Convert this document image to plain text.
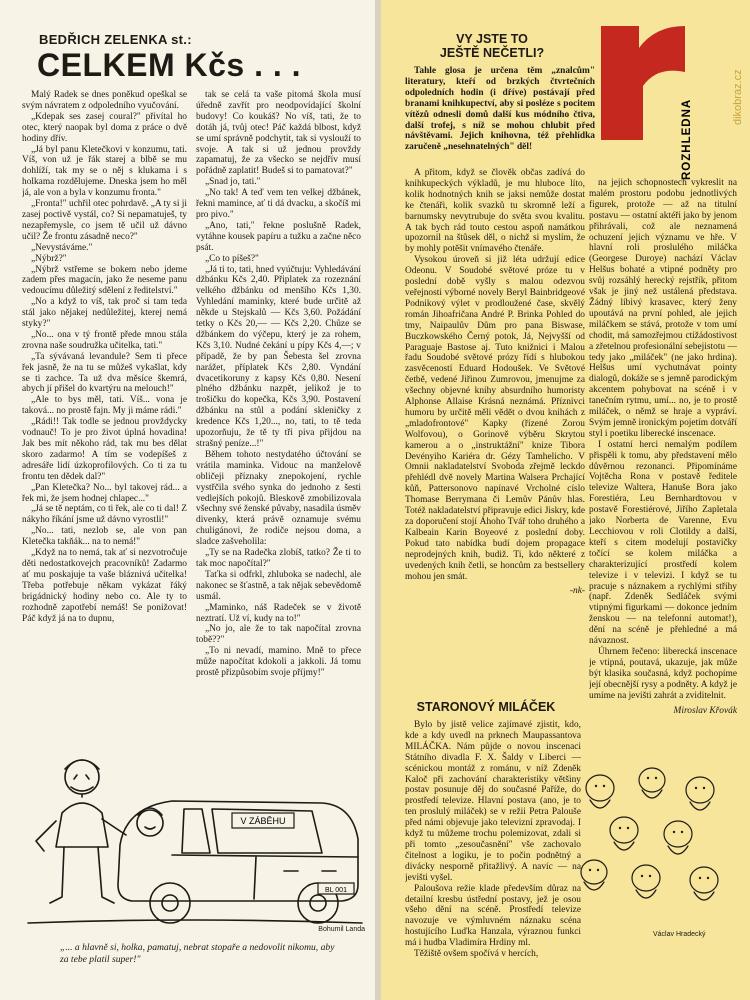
BEDŘICH ZELENKA st.:
CELKEM Kčs . . .

Malý Radek se dnes poněkud opeškal se svým návratem z odpoledního vyučování.

„Kdepak ses zasej coural?" přivítal ho otec, který naopak byl doma z práce o dvě hodiny dřív.

„Já byl panu Kletečkovi v konzumu, tati. Víš, von už je řák starej a blbě se mu dohlíží, tak my se o něj s klukama i s holkama rozdělujeme. Dneska jsem ho měl já, ale von a byla v konzumu fronta."

„Fronta!" uchřil otec pohrdavě. „A ty si ji zasej poctivě vystál, co? Si nepamatuješ, ty nezapřemysle, co jsem tě učil už dávno učil? Že frontu zásadně neco?"

„Nevystáváme."

„Nýbrž?"

„Nýbrž vstřeme se bokem nebo jdeme zadem přes magacín, jako že neseme panu vedoucímu důležitý sdělení z ředitelství."

„No a když to víš, tak proč si tam teda stál jako nějakej nedůležitej, kterej nemá styky?"

„No... ona v tý frontě přede mnou stála zrovna naše soudružka učitelka, tati."

„Ta sývávaná levandule? Sem ti přece řek jasně, že na tu se můžeš vykašlat, kdy se ti zachce. Ta už dva měsíce škemrá, abych jí přišel do kvartýru na melouch!"

„Ale to bys měl, tati. Víš... vona je taková... no prostě fajn. My ji máme rádi."

„Rádi!! Tak todle se jednou provždycky vodnauč! To je pro život úplná hovadina! Jak bes mít někoho rád, tak mu bes dělat skoro zadarmo! A tím se vodepíšeš z adresáře lidí úzkoprofilových. Co ti za tu frontu ten dědek dal?"

„Pan Kletečka? No... byl takovej rád... a řek mi, že jsem hodnej chlapec..."

„Já se tě neptám, co ti řek, ale co ti dal! Z nákyho říkání jsme už dávno vyrostli!"

„No... tati, nezlob se, ale von pan Kletečka takňák... na to nemá!"

„Když na to nemá, tak ať si nezvotročuje děti nedostatkovejch pracovníků! Zadarmo ať mu poskajuje ta vaše bláznivá učitelka! Třeba potřebuje někam vykázat řáký brigádnický hodiny nebo co. Ale ty to rozhodně zapotřebí nemáš! Se ponižovat! Páč když já na to dupnu,

tak se celá ta vaše pitomá škola musí úředně zavřít pro neodpovídající školní budovy! Co koukáš? No víš, tati, že to dotáh já, tvůj otec! Páč každá blbost, když se umí správně podchytit, tak si vyslouží to svoje. A tak si už jednou provždy zapamatuj, že za všecko se nejdřív musí pořádně zaplatit! Budeš si to pamatovat?"

„Snad jo, tati."

„No tak! A teď vem ten velkej džbánek, řekni mamince, ať ti dá dvacku, a skočíš mi pro pivo."

„Ano, tati," řekne poslušně Radek, vytáhne kousek papíru a tužku a začne něco psát.

„Co to píšeš?"

„Já ti to, tati, hned vyúčtuju: Vyhledávání džbánku Kčs 2,40. Připlatek za rozeznání velkého džbánku od menšího Kčs 1,30. Vyhledání maminky, které bude určitě až někde u Stejskalů — Kčs 3,60. Požádání tetky o Kčs 20,— — Kčs 2,20. Chůze se džbánkem do výčepu, který je za rohem, Kčs 3,10. Nudné čekání u pípy Kčs 4,—; v případě, že by pan Šebesta šel zrovna narážet, příplatek Kčs 2,80. Vyndání dvacetikoruny z kapsy Kčs 0,80. Nesení plného džbánku nazpět, jelikož je to trošičku do kopečka, Kčs 3,90. Postavení džbánku na stůl a podání skleničky z kredence Kčs 1,20..., no, tati, to tě teda upozorňuju, že tě ty tři piva přijdou na strašný peníze...!"

Během tohoto nestydatého účtování se vrátila maminka. Vidouc na manželově obličeji příznaky znepokojení, rychle vystřčila svého synka do jednoho z šesti vedlejších pokojů. Bleskově zmobilizovala všechny své ženské půvaby, nasadila úsměv divenky, která právě oznamuje svému chuligánovi, že rodiče nejsou doma, a sladce zašveholila:

„Ty se na Radečka zlobíš, tatko? Že ti to tak moc napočítal?"

Taťka si odfrkl, zhluboka se nadechl, ale nakonec se šťastně, a tak nějak sebevědomě usmál.

„Maminko, náš Radeček se v životě neztratí. Už ví, kudy na to!"

„No jo, ale že to tak napočítal zrovna tobě??"

„To ni nevadí, mamino. Mně to přece může napočítat kdokoli a jakkoli. Já tomu prostě přizpůsobím svoje příjmy!"

V ZÁBĚHU
BL 001
Bohumil Landa
„... a hlavně si, holka, pamatuj, nebrat stopaře a nedovolit nikomu, aby za tebe platil super!"
VY JSTE TO
JEŠTĚ NEČETLI?

Tahle glosa je určena těm „znalcům" literatury, kteří od brzkých čtvrtečních odpoledních hodin (i dříve) postávají před branami knihkupectví, aby si posléze s pocitem vítězů odnesli domů další kus módního čtiva, další trofej, s níž se mohou chlubit před návštěvami. Jejich knihovna, též přehlídka zaručeně „nesehnatelných" děl!

A přitom, když se člověk občas zadívá do knihkupeckých výkladů, je mu hluboce líto, kolik hodnotných knih se jaksi nemůže dostat ke čtenáři, kolik svazků tu skromně leží a barnumsky nevytrubuje do světa svou kvalitu. A tak bych rád touto cestou aspoň namátkou upozornil na štůsek děl, o nichž si myslím, že by mohly potěšit vnímavého čtenáře.

Vysokou úroveň si již léta udržují edice Odeonu. V Soudobé světové próze tu v poslední době vyšly s malou odezvou veřejnosti výborné novely Beryl Bainbridgeové Podnikový výlet v prodloužené čase, skvělý román Jihoafričana André P. Brinka Pohled do tmy, Naipaulův Dům pro pana Biswase, Buczkowského Černý potok, Já, Nejvyšší od Paraguaje Bastose aj. Tuto knižnici i Malou řadu Soudobé světové prózy řídí s hlubokou zasvěceností Eduard Hodoušek. Ve Světové četbě, vedené Jiřinou Zumrovou, jmenujme za všechny objevné knihy absurdního humoristy Alphonse Allaise Krásná neznámá. Příznivci humoru by určitě měli vědět o dvou knihách z „mladofrontové" Kapky (řízené Zorou Wolfovou), o Gorinově výběru Skrytou kamerou a o „instruktážní" knize Tibora Devényiho Kariéra dr. Gézy Tamhelicho. V Omnii nakladatelství Svoboda zřejmě leckdo přehlédl dvě novely Martina Walsera Prchající kůň, Pattersonovo napínavé Vrcholné císlo Thomase Berrymana či Lemův Pánův hlas. Totéž nakladatelství připravuje edici Jiskry, kde za doporučení stojí Áhoho Tvář toho druhého a Kalbeain Karin Boyeové z poslední doby. Pokud tato nabídka budí dojem propagace neprodejných knih, budiž. Ti, kdo některé z uvedených knih četli, se honcům za bestsellery mohou jen smát.

-nk-

na jejich schopnostech vykreslit na malém prostoru podobu jednotlivých figurek, protože — až na titulní postavu — ostatní aktéři jako by jenom přihrávali, což ale neznamená ochuzení jejich významu ve hře. V hlavní roli proslulého miláčka (Georgese Duroye) nachází Václav Helšus bohaté a vtipné podněty pro svůj rozsáhlý herecký rejstřík, přitom však je jiný než ustálená představa. Žádný líbivý krasavec, který ženy upoutává na první pohled, ale jejich miláčkem se stává, protože v tom umí chodit, má samozřejmou ctižádostivost a zřetelnou profesionální sebejistotu — tedy jako „miláček" (ne jako hrdina). Helšus umí vychutnávat pointy dialogů, dokáže se s jemně parodickým akcentem pohybovat na scéně i v tanečním rytmu, umí... no, je to prostě miláček, o němž se hraje a vypráví. Svým jemně ironickým pojetím dotváří styl i poetiku liberecké inscenace.

I ostatní herci nemalým podílem přispěli k tomu, aby představení mělo důvěrnou rezonanci. Připomínáme Vojtěcha Rona v postavě ředitele televize Waltera, Hanuše Bora jako Forestiéra, Leu Bernhardtovou v postavě Forestiérové, Jiřího Zapletala jako Norberta de Varenne, Evu Lecchiovou v roli Clotildy a další, kteří s citem modelují postavičky točící se kolem miláčka a charakterizující prostředí kolem televize i v televizi. I když se tu pracuje s náznakem a rychlými střihy (např. Zdeněk Sedláček svými vtipnými figurkami — dokonce jedním ženskou — na telefonní automat!), dění na scéně je přehledné a má návaznost.

Úhrnem řečeno: liberecká inscenace je vtipná, poutavá, ukazuje, jak může být klasika současná, když pochopíme její obecnější rysy a podněty. A když je umíme na jevišti zahrát a zviditelnit.

Miroslav Křovák

STARONOVÝ MILÁČEK

Bylo by jistě velice zajímavé zjistit, kdo, kde a kdy uvedl na prknech Maupassantova MILÁČKA. Nám půjde o novou inscenaci Státního divadla F. X. Šaldy v Liberci — scénickou montáž z románu, v níž Zdeněk Kaloč při zachování charakteristiky většiny postav posunuje děj do současné Paříže, do prostředí televize. Hlavní postava (ano, je to ten proslulý miláček) se v režii Petra Palouše před námi objevuje jako televizní zpravodaj. I když tu můžeme trochu polemizovat, zdali si při tomto „zesoučasnění" vše zachovalo čitelnost a logiku, je to počin podnětný a divácky nesporně přitažlivý. A navíc — na jevišti vyšel.

Paloušova režie klade především důraz na detailní kresbu ústřední postavy, jež je osou všeho dění na scéně. Prostředí televize navozuje ve výmluvném náznaku scéna hostujícího Luďka Hanzala, výraznou funkci má i hudba Vladimíra Hrdiny ml.

Těžiště ovšem spočívá v hercích,

ROZHLEDNA
dikobraz.cz
Václav Hradecký
